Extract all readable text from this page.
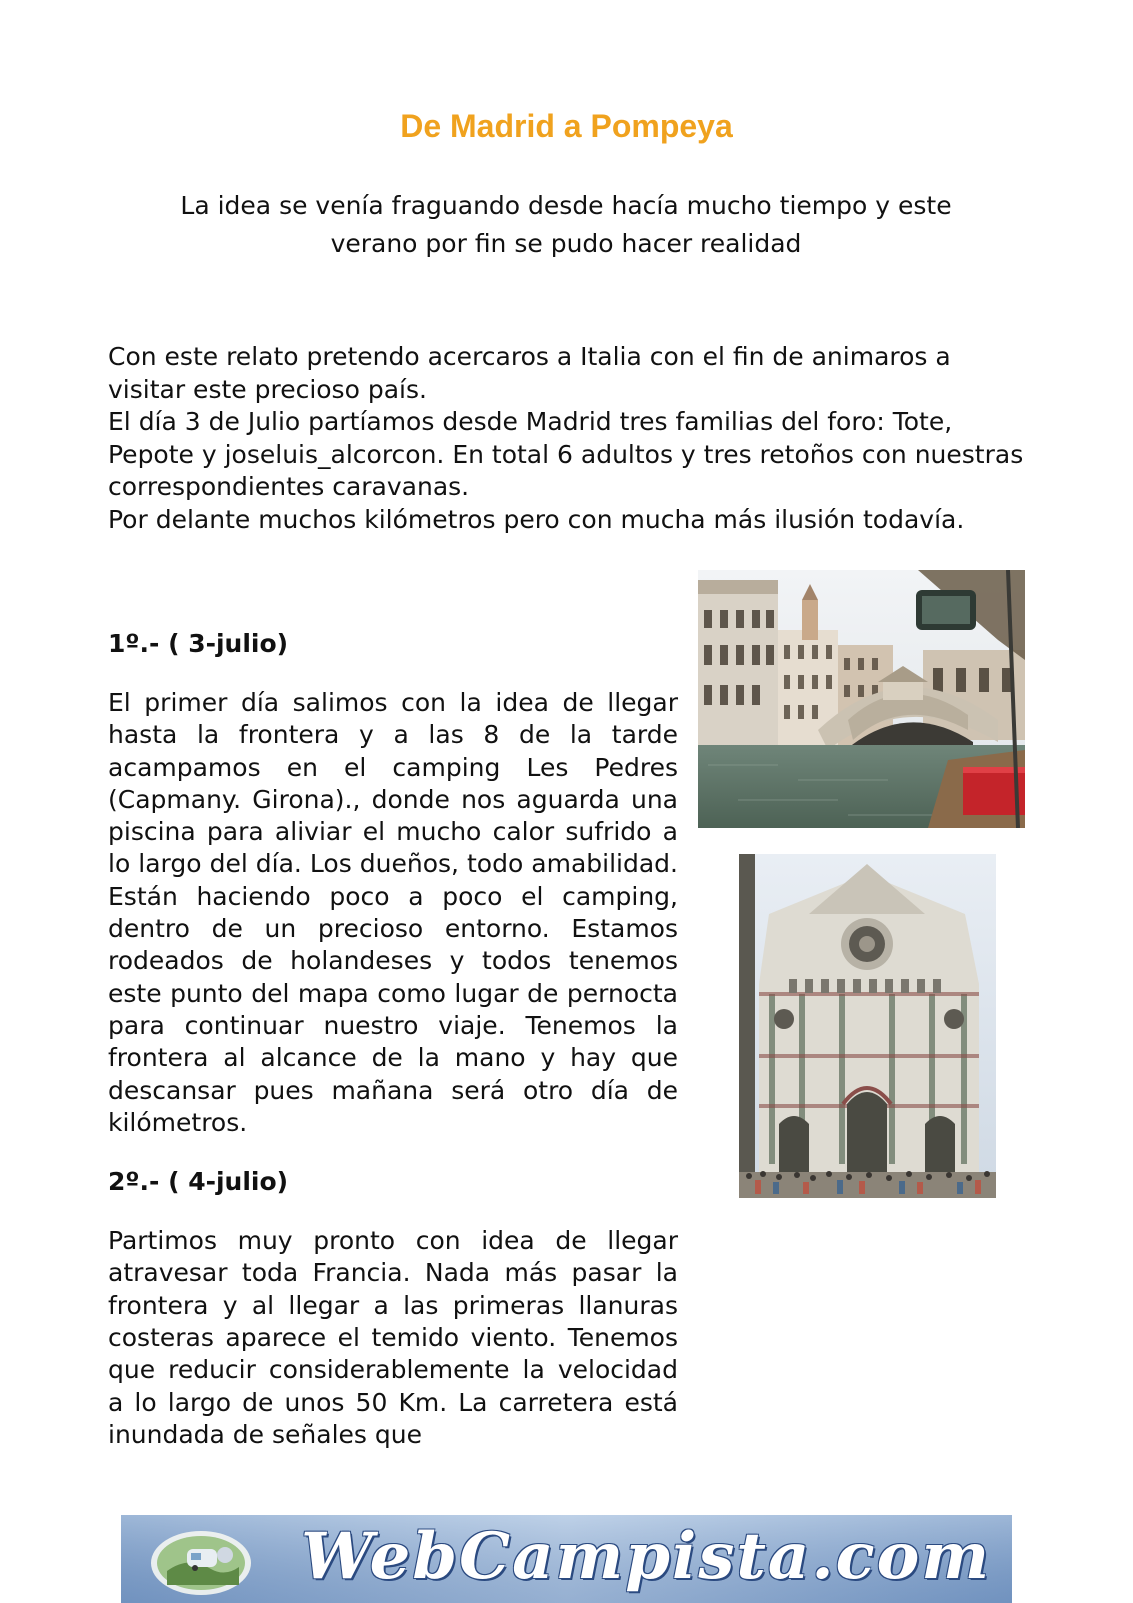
De Madrid a Pompeya

La idea se venía fraguando desde hacía mucho tiempo y este verano por fin se pudo hacer realidad

Con este relato pretendo acercaros a Italia con el fin de animaros a visitar este precioso país.

El día 3 de Julio partíamos desde Madrid tres familias del foro: Tote, Pepote y joseluis_alcorcon. En total 6 adultos y tres retoños con nuestras correspondientes caravanas.

Por delante muchos kilómetros pero con mucha más ilusión todavía.

1º.- ( 3-julio)

El primer día salimos con la idea de llegar hasta la frontera y a las 8 de la tarde acampamos en el camping Les Pedres (Capmany. Girona)., donde nos aguarda una piscina para aliviar el mucho calor sufrido a lo largo del día. Los dueños, todo amabilidad. Están haciendo poco a poco el camping, dentro de un precioso entorno. Estamos rodeados de holandeses y todos tenemos este punto del mapa como lugar de pernocta para continuar nuestro viaje. Tenemos la frontera al alcance de la mano y hay que descansar pues mañana será otro día de kilómetros.

2º.- ( 4-julio)

Partimos muy pronto con idea de llegar atravesar toda Francia. Nada más pasar la frontera y al llegar a las primeras llanuras costeras aparece el temido viento. Tenemos que reducir considerablemente la velocidad a lo largo de unos 50 Km. La carretera está inundada de señales que

WebCampista.com
